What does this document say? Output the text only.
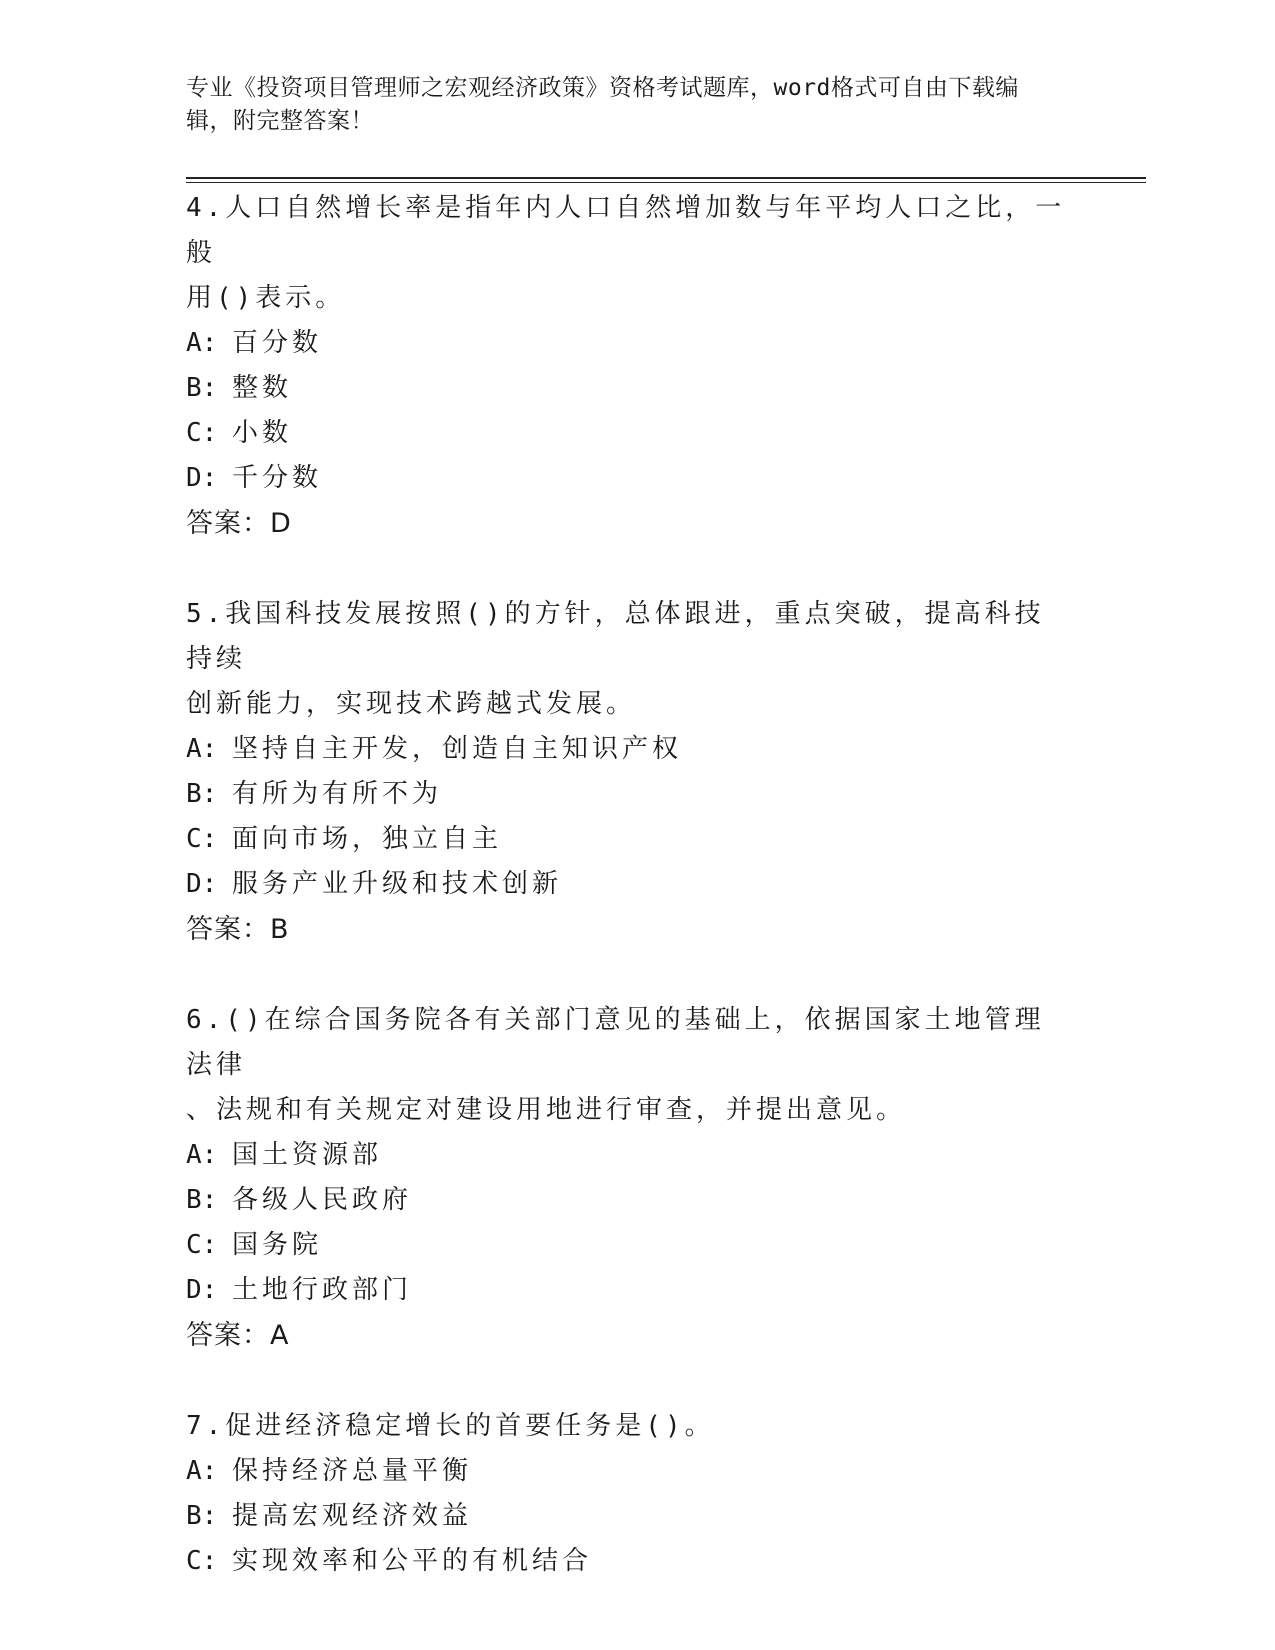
专业《投资项目管理师之宏观经济政策》资格考试题库，word格式可自由下载编
辑，附完整答案！
4.人口自然增长率是指年内人口自然增加数与年平均人口之比，一般
用()表示。
A: 百分数
B: 整数
C: 小数
D: 千分数
答案：D
5.我国科技发展按照()的方针，总体跟进，重点突破，提高科技持续
创新能力，实现技术跨越式发展。
A: 坚持自主开发，创造自主知识产权
B: 有所为有所不为
C: 面向市场，独立自主
D: 服务产业升级和技术创新
答案：B
6.()在综合国务院各有关部门意见的基础上，依据国家土地管理法律
、法规和有关规定对建设用地进行审查，并提出意见。
A: 国土资源部
B: 各级人民政府
C: 国务院
D: 土地行政部门
答案：A
7.促进经济稳定增长的首要任务是()。
A: 保持经济总量平衡
B: 提高宏观经济效益
C: 实现效率和公平的有机结合
